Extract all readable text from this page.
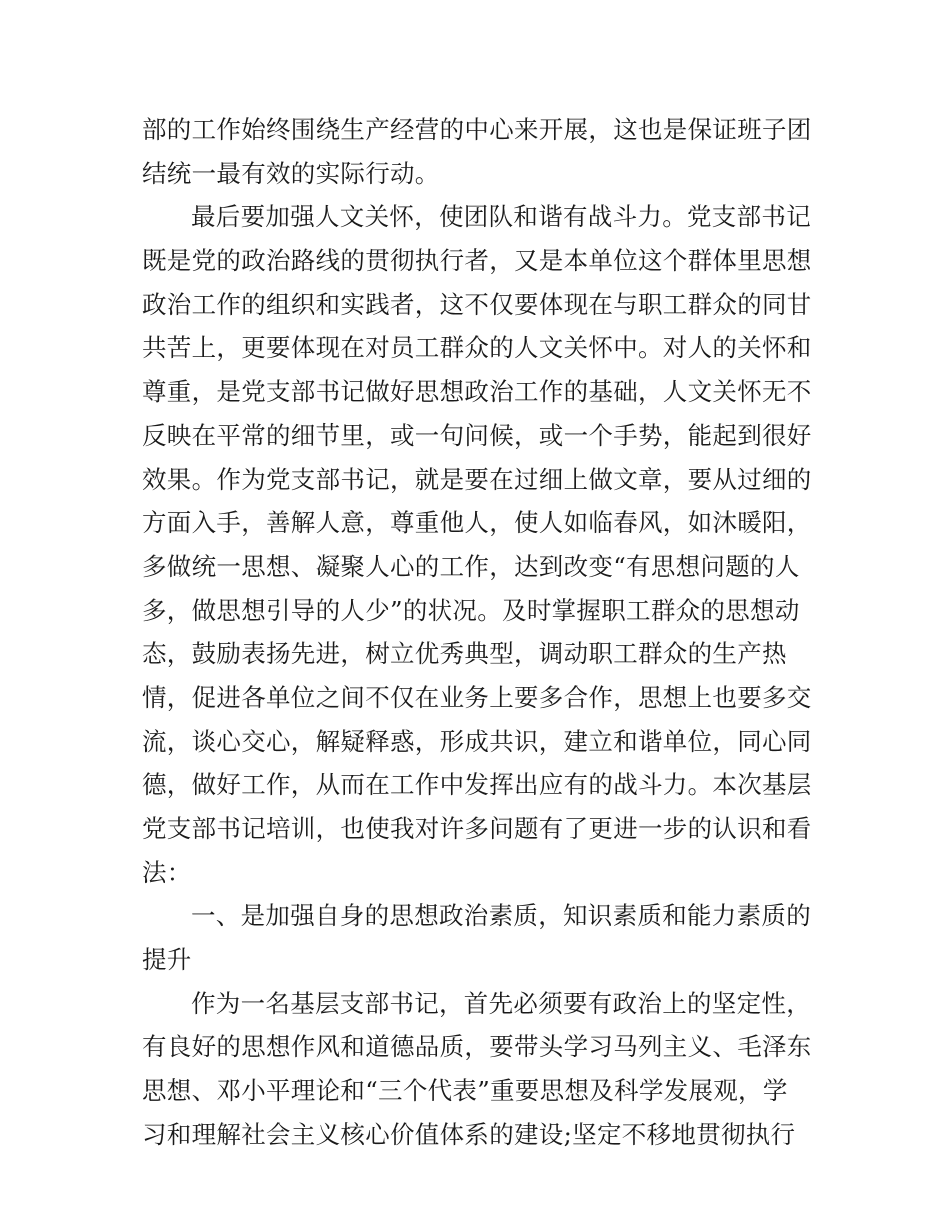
部的工作始终围绕生产经营的中心来开展，这也是保证班子团
结统一最有效的实际行动。
最后要加强人文关怀，使团队和谐有战斗力。党支部书记
既是党的政治路线的贯彻执行者，又是本单位这个群体里思想
政治工作的组织和实践者，这不仅要体现在与职工群众的同甘
共苦上，更要体现在对员工群众的人文关怀中。对人的关怀和
尊重，是党支部书记做好思想政治工作的基础，人文关怀无不
反映在平常的细节里，或一句问候，或一个手势，能起到很好
效果。作为党支部书记，就是要在过细上做文章，要从过细的
方面入手，善解人意，尊重他人，使人如临春风，如沐暖阳，
多做统一思想、凝聚人心的工作，达到改变“有思想问题的人
多，做思想引导的人少”的状况。及时掌握职工群众的思想动
态，鼓励表扬先进，树立优秀典型，调动职工群众的生产热
情，促进各单位之间不仅在业务上要多合作，思想上也要多交
流，谈心交心，解疑释惑，形成共识，建立和谐单位，同心同
德，做好工作，从而在工作中发挥出应有的战斗力。本次基层
党支部书记培训，也使我对许多问题有了更进一步的认识和看
法：
一、是加强自身的思想政治素质，知识素质和能力素质的
提升
作为一名基层支部书记，首先必须要有政治上的坚定性，
有良好的思想作风和道德品质，要带头学习马列主义、毛泽东
思想、邓小平理论和“三个代表”重要思想及科学发展观，学
习和理解社会主义核心价值体系的建设;坚定不移地贯彻执行
